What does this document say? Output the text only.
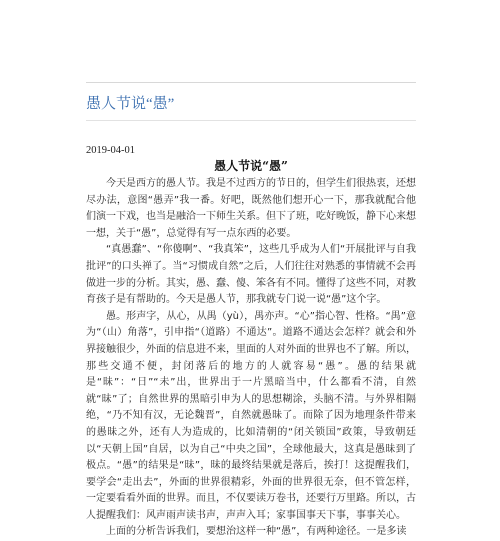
愚人节说“愚”
2019-04-01
愚人节说“愚”

今天是西方的愚人节。我是不过西方的节日的，但学生们很热衷，还想尽办法，意图“愚弄”我一番。好吧，既然他们想开心一下，那我就配合他们演一下戏，也当是融洽一下师生关系。但下了班，吃好晚饭，静下心来想一想，关于“愚”，总觉得有写一点东西的必要。

“真愚蠢”、“你傻啊”、“我真笨”，这些几乎成为人们“开展批评与自我批评”的口头禅了。当“习惯成自然”之后，人们往往对熟悉的事情就不会再做进一步的分析。其实，愚、蠢、傻、笨各有不同。懂得了这些不同，对教育孩子是有帮助的。今天是愚人节，那我就专门说一说“愚”这个字。

愚。形声字，从心，从禺（yù），禺亦声。“心”指心智、性格。“禺”意为“（山）角落”，引申指“（道路）不通达”。道路不通达会怎样？就会和外界接触很少，外面的信息进不来，里面的人对外面的世界也不了解。所以，那些交通不便，封闭落后的地方的人就容易“愚”。愚的结果就是“昧”：“日”“未”出，世界出于一片黑暗当中，什么都看不清，自然就“昧”了；自然世界的黑暗引申为人的思想糊涂，头脑不清。与外界相隔绝，“乃不知有汉，无论魏晋”，自然就愚昧了。而除了因为地理条件带来的愚昧之外，还有人为造成的，比如清朝的“闭关锁国”政策，导致朝廷以“天朝上国”自居，以为自己“中央之国”，全球他最大，这真是愚昧到了极点。“愚”的结果是“昧”，昧的最终结果就是落后，挨打！这提醒我们，要学会“走出去”，外面的世界很精彩，外面的世界很无奈，但不管怎样，一定要看看外面的世界。而且，不仅要读万卷书，还要行万里路。所以，古人提醒我们：风声雨声读书声，声声入耳；家事国事天下事，事事关心。

上面的分析告诉我们，要想治这样一种“愚”，有两种途径。一是多读
